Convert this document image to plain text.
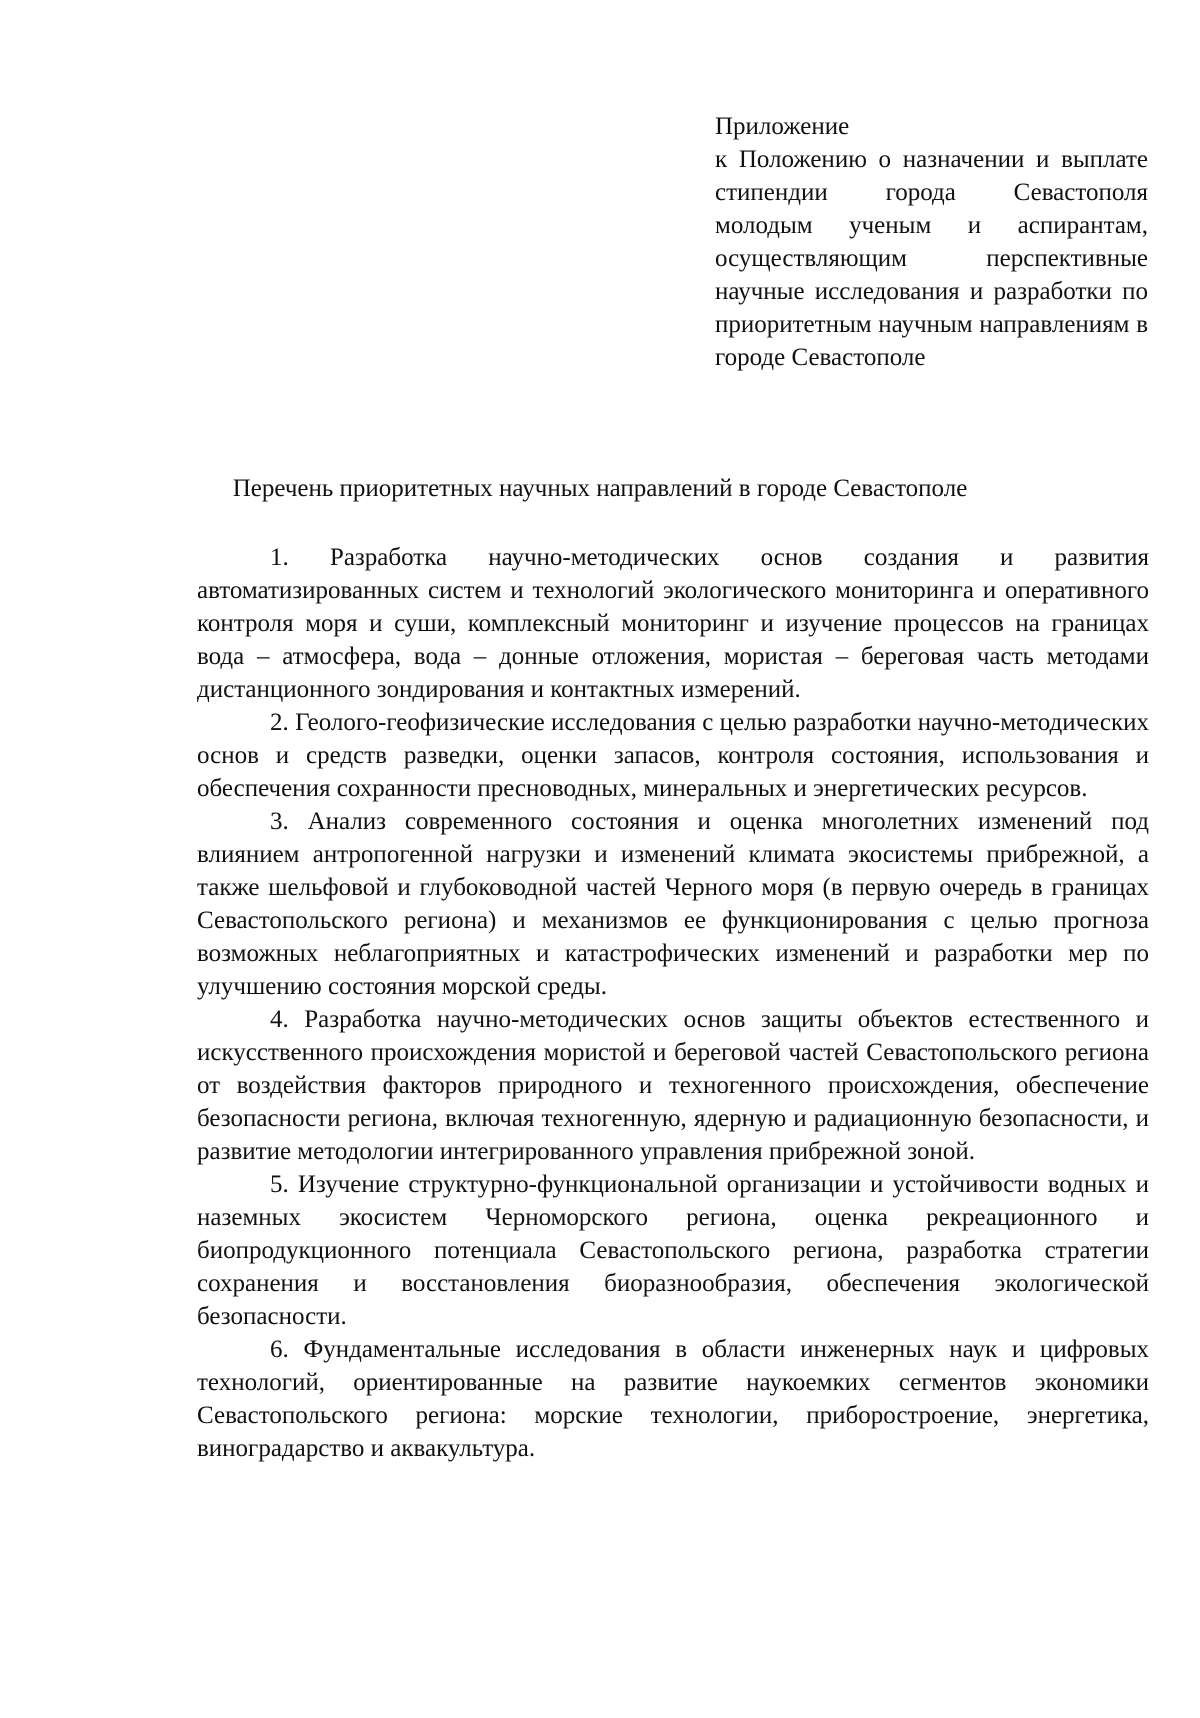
Приложение

к Положению о назначении и выплате стипендии города Севастополя молодым ученым и аспирантам, осуществляющим перспективные научные исследования и разработки по приоритетным научным направлениям в городе Севастополе

Перечень приоритетных научных направлений в городе Севастополе
1. Разработка научно-методических основ создания и развития автоматизированных систем и технологий экологического мониторинга и оперативного контроля моря и суши, комплексный мониторинг и изучение процессов на границах вода – атмосфера, вода – донные отложения, мористая – береговая часть методами дистанционного зондирования и контактных измерений.
2. Геолого-геофизические исследования с целью разработки научно-методических основ и средств разведки, оценки запасов, контроля состояния, использования и обеспечения сохранности пресноводных, минеральных и энергетических ресурсов.
3. Анализ современного состояния и оценка многолетних изменений под влиянием антропогенной нагрузки и изменений климата экосистемы прибрежной, а также шельфовой и глубоководной частей Черного моря (в первую очередь в границах Севастопольского региона) и механизмов ее функционирования с целью прогноза возможных неблагоприятных и катастрофических изменений и разработки мер по улучшению состояния морской среды.
4. Разработка научно-методических основ защиты объектов естественного и искусственного происхождения мористой и береговой частей Севастопольского региона от воздействия факторов природного и техногенного происхождения, обеспечение безопасности региона, включая техногенную, ядерную и радиационную безопасности, и развитие методологии интегрированного управления прибрежной зоной.
5. Изучение структурно-функциональной организации и устойчивости водных и наземных экосистем Черноморского региона, оценка рекреационного и биопродукционного потенциала Севастопольского региона, разработка стратегии сохранения и восстановления биоразнообразия, обеспечения экологической безопасности.
6. Фундаментальные исследования в области инженерных наук и цифровых технологий, ориентированные на развитие наукоемких сегментов экономики Севастопольского региона: морские технологии, приборостроение, энергетика, виноградарство и аквакультура.
